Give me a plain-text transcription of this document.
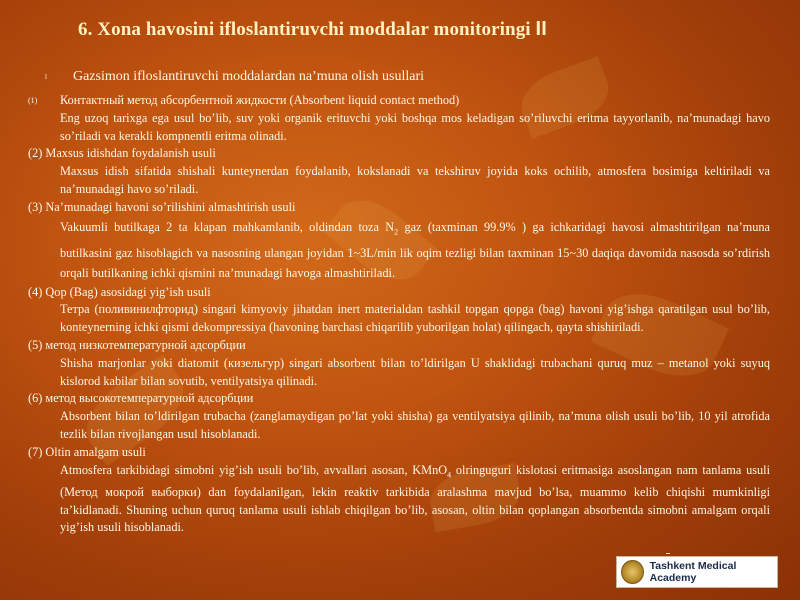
6. Xona havosini ifloslantiruvchi moddalar monitoringi II
l Gazsimon ifloslantiruvchi moddalardan na’muna olish usullari
(1)	Контактный метод абсорбентной жидкости (Absorbent liquid contact method)
Eng uzoq tarixga ega usul bo’lib, suv yoki organik erituvchi yoki boshqa mos keladigan so’riluvchi eritma tayyorlanib, na’munadagi havo so’riladi va kerakli kompnentli eritma olinadi.
(2) Maxsus idishdan foydalanish usuli
Maxsus idish sifatida shishali kunteynerdan foydalanib, kokslanadi va tekshiruv joyida koks ochilib, atmosfera bosimiga keltiriladi va na’munadagi havo so’riladi.
(3) Na’munadagi havoni so’rilishini almashtirish usuli
Vakuumli butilkaga 2 ta klapan mahkamlanib, oldindan toza $N_2$ gaz (taxminan 99.9% ) ga ichkaridagi havosi almashtirilgan na’muna butilkasini gaz hisoblagich va nasosning ulangan joyidan 1~3L/min lik oqim tezligi bilan taxminan 15~30 daqiqa davomida nasosda so’rdirish orqali butilkaning ichki qismini na’munadagi havoga almashtiriladi.
(4) Qop (Bag) asosidagi yig’ish usuli
Тетра (поливинилфторид) singari kimyoviy jihatdan inert materialdan tashkil topgan qopga (bag) havoni yig’ishga qaratilgan usul bo’lib, konteynerning ichki qismi dekompressiya (havoning barchasi chiqarilib yuborilgan holat) qilingach, qayta shishiriladi.
(5) метод низкотемпературной адсорбции
Shisha marjonlar yoki diatomit (кизельгур) singari absorbent bilan to’ldirilgan U shaklidagi trubachani quruq muz – metanol yoki suyuq kislorod kabilar bilan sovutib, ventilyatsiya qilinadi.
(6) метод высокотемпературной адсорбции
Absorbent bilan to’ldirilgan trubacha (zanglamaydigan po’lat yoki shisha) ga ventilyatsiya qilinib, na’muna olish usuli bo’lib, 10 yil atrofida tezlik bilan rivojlangan usul hisoblanadi.
(7) Oltin amalgam usuli
Atmosfera tarkibidagi simobni yig’ish usuli bo’lib, avvallari asosan, KMnO$_4$ olringuguri kislotasi eritmasiga asoslangan nam tanlama usuli (Метод мокрой выборки) dan foydalanilgan, lekin reaktiv tarkibida aralashma mavjud bo’lsa, muammo kelib chiqishi mumkinligi ta’kidlanadi. Shuning uchun quruq tanlama usuli ishlab chiqilgan bo’lib, asosan, oltin bilan qoplangan absorbentda simobni amalgam orqali yig’ish usuli hisoblanadi.
Tashkent Medical Academy
